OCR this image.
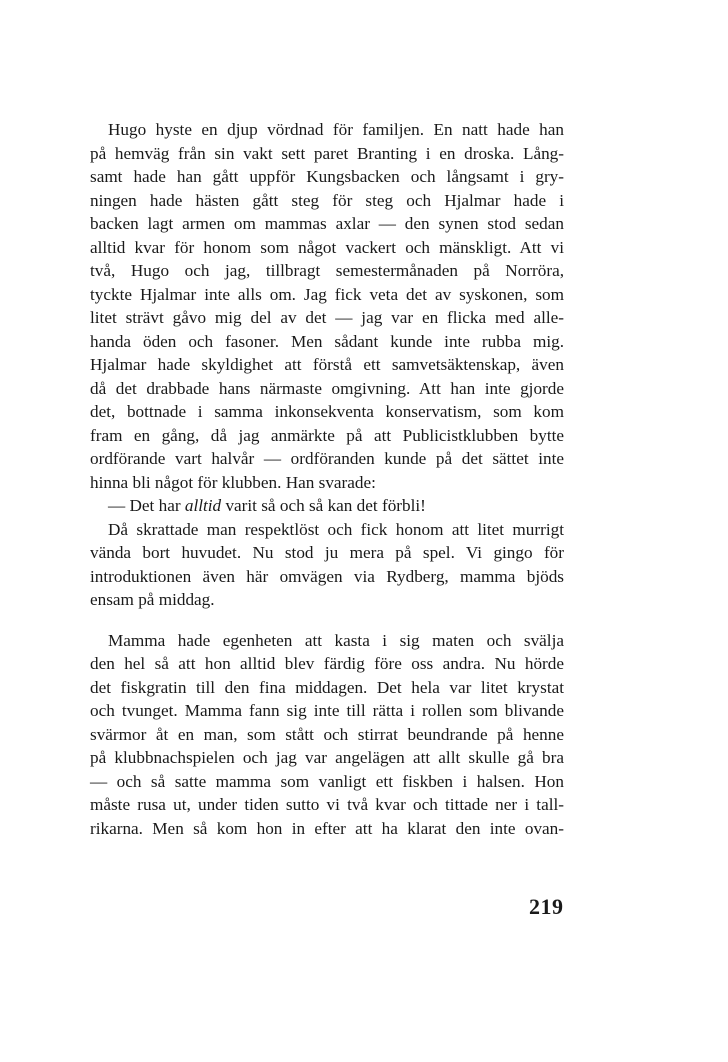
Hugo hyste en djup vördnad för familjen. En natt hade han
på hemväg från sin vakt sett paret Branting i en droska. Lång-
samt hade han gått uppför Kungsbacken och långsamt i gry-
ningen hade hästen gått steg för steg och Hjalmar hade i
backen lagt armen om mammas axlar — den synen stod sedan
alltid kvar för honom som något vackert och mänskligt. Att vi
två, Hugo och jag, tillbragt semestermånaden på Norröra,
tyckte Hjalmar inte alls om. Jag fick veta det av syskonen, som
litet strävt gåvo mig del av det — jag var en flicka med alle-
handa öden och fasoner. Men sådant kunde inte rubba mig.
Hjalmar hade skyldighet att förstå ett samvetsäktenskap, även
då det drabbade hans närmaste omgivning. Att han inte gjorde
det, bottnade i samma inkonsekventa konservatism, som kom
fram en gång, då jag anmärkte på att Publicistklubben bytte
ordförande vart halvår — ordföranden kunde på det sättet inte
hinna bli något för klubben. Han svarade:
— Det har alltid varit så och så kan det förbli!
Då skrattade man respektlöst och fick honom att litet murrigt
vända bort huvudet. Nu stod ju mera på spel. Vi gingo för
introduktionen även här omvägen via Rydberg, mamma bjöds
ensam på middag.
Mamma hade egenheten att kasta i sig maten och svälja
den hel så att hon alltid blev färdig före oss andra. Nu hörde
det fiskgratin till den fina middagen. Det hela var litet krystat
och tvunget. Mamma fann sig inte till rätta i rollen som blivande
svärmor åt en man, som stått och stirrat beundrande på henne
på klubbnachspielen och jag var angelägen att allt skulle gå bra
— och så satte mamma som vanligt ett fiskben i halsen. Hon
måste rusa ut, under tiden sutto vi två kvar och tittade ner i tall-
rikarna. Men så kom hon in efter att ha klarat den inte ovan-
219
